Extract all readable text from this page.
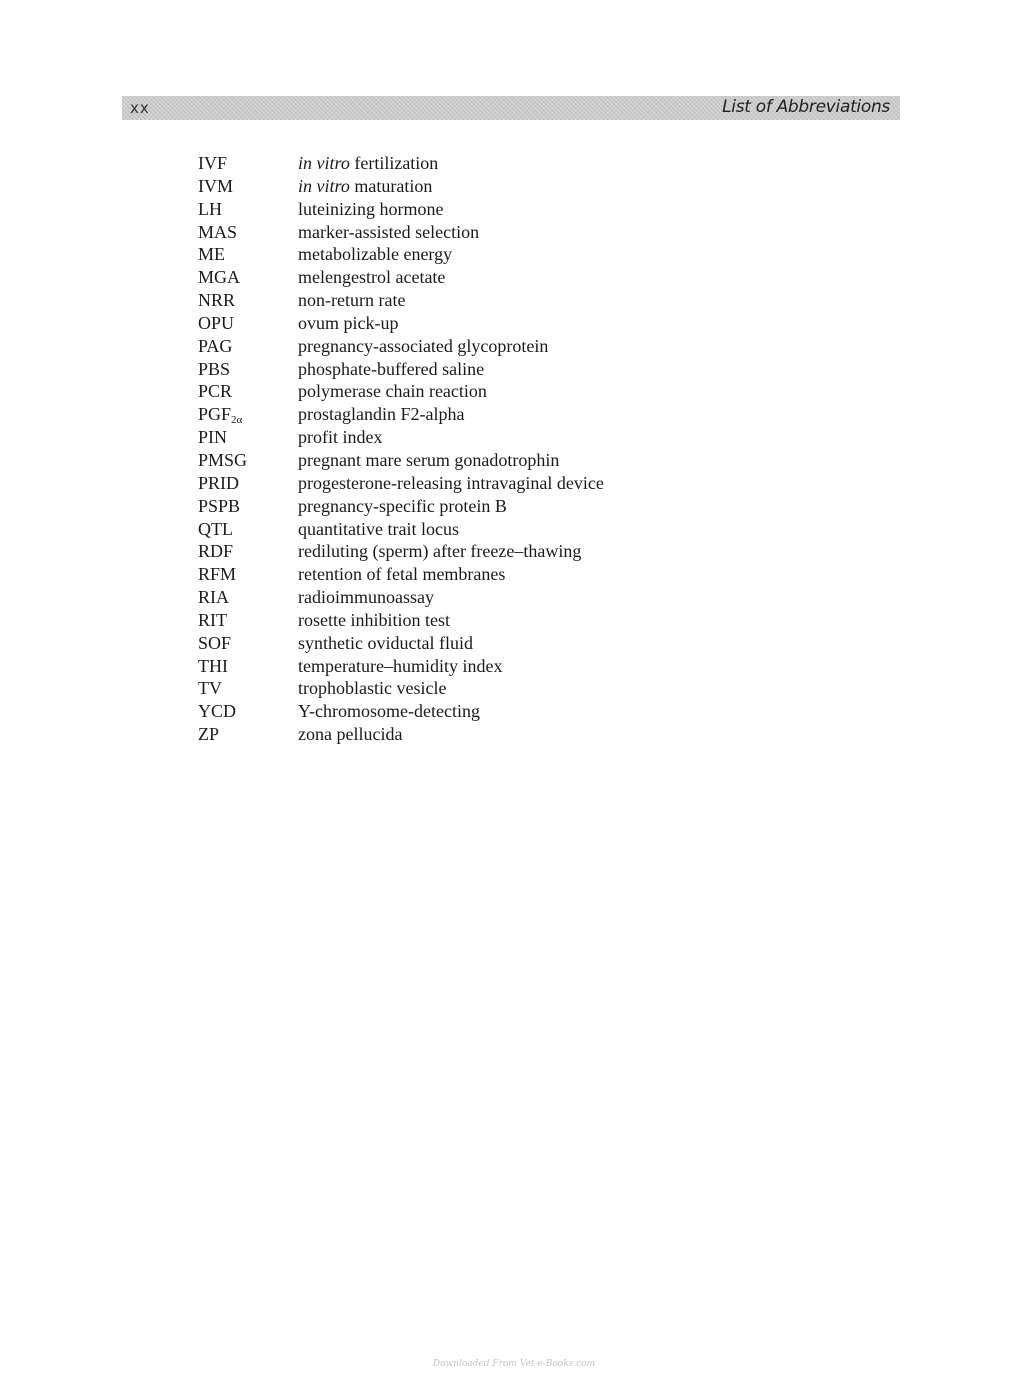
xx	List of Abbreviations
IVF	in vitro fertilization
IVM	in vitro maturation
LH	luteinizing hormone
MAS	marker-assisted selection
ME	metabolizable energy
MGA	melengestrol acetate
NRR	non-return rate
OPU	ovum pick-up
PAG	pregnancy-associated glycoprotein
PBS	phosphate-buffered saline
PCR	polymerase chain reaction
$PGF_{2\alpha}$	prostaglandin F2-alpha
PIN	profit index
PMSG	pregnant mare serum gonadotrophin
PRID	progesterone-releasing intravaginal device
PSPB	pregnancy-specific protein B
QTL	quantitative trait locus
RDF	rediluting (sperm) after freeze–thawing
RFM	retention of fetal membranes
RIA	radioimmunoassay
RIT	rosette inhibition test
SOF	synthetic oviductal fluid
THI	temperature–humidity index
TV	trophoblastic vesicle
YCD	Y-chromosome-detecting
ZP	zona pellucida
Downloaded From Vet-e-Books.com
